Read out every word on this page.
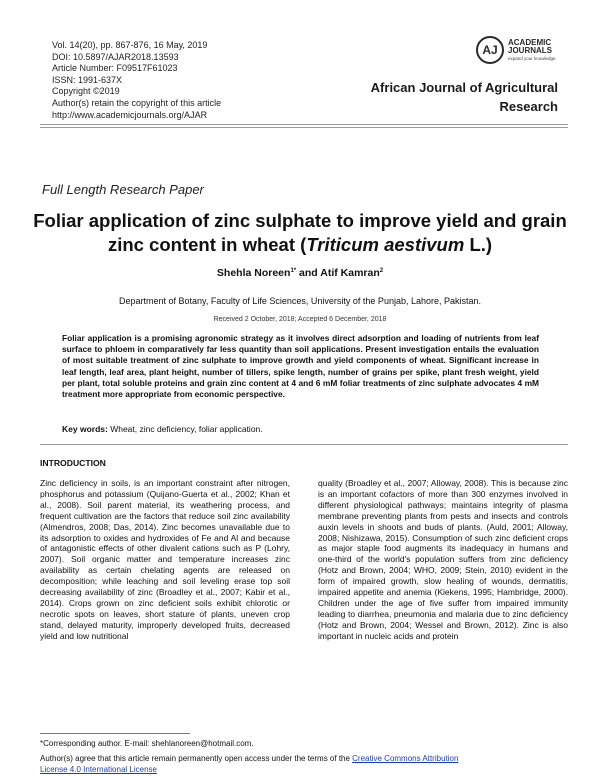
Vol. 14(20), pp. 867-876, 16 May, 2019
DOI: 10.5897/AJAR2018.13593
Article Number: F09517F61023
ISSN: 1991-637X
Copyright ©2019
Author(s) retain the copyright of this article
http://www.academicjournals.org/AJAR
AJ
ACADEMIC
JOURNALS
expand your knowledge
African Journal of Agricultural
Research
Full Length Research Paper
Foliar application of zinc sulphate to improve yield and grain zinc content in wheat (Triticum aestivum L.)
Shehla Noreen$^{1*}$ and Atif Kamran$^2$
Department of Botany, Faculty of Life Sciences, University of the Punjab, Lahore, Pakistan.
Received 2 October, 2018; Accepted 6 December, 2018
Foliar application is a promising agronomic strategy as it involves direct adsorption and loading of nutrients from leaf surface to phloem in comparatively far less quantity than soil applications. Present investigation entails the evaluation of most suitable treatment of zinc sulphate to improve growth and yield components of wheat. Significant increase in leaf length, leaf area, plant height, number of tillers, spike length, number of grains per spike, plant fresh weight, yield per plant, total soluble proteins and grain zinc content at 4 and 6 mM foliar treatments of zinc sulphate advocates 4 mM treatment more appropriate from economic perspective.
Key words: Wheat, zinc deficiency, foliar application.
INTRODUCTION
Zinc deficiency in soils, is an important constraint after nitrogen, phosphorus and potassium (Quijano-Guerta et al., 2002; Khan et al., 2008). Soil parent material, its weathering process, and frequent cultivation are the factors that reduce soil zinc availability (Almendros, 2008; Das, 2014). Zinc becomes unavailable due to its adsorption to oxides and hydroxides of Fe and Al and because of antagonistic effects of other divalent cations such as P (Lohry, 2007). Soil organic matter and temperature increases zinc availability as certain chelating agents are released on decomposition; while leaching and soil leveling erase top soil decreasing availability of zinc (Broadley et al., 2007; Kabir et al., 2014). Crops grown on zinc deficient soils exhibit chlorotic or necrotic spots on leaves, short stature of plants, uneven crop stand, delayed maturity, improperly developed fruits, decreased yield and low nutritional
quality (Broadley et al., 2007; Alloway, 2008). This is because zinc is an important cofactors of more than 300 enzymes involved in different physiological pathways; maintains integrity of plasma membrane preventing plants from pests and insects and controls auxin levels in shoots and buds of plants. (Auld, 2001; Alloway, 2008; Nishizawa, 2015). Consumption of such zinc deficient crops as major staple food augments its inadequacy in humans and one-third of the world's population suffers from zinc deficiency (Hotz and Brown, 2004; WHO, 2009; Stein, 2010) evident in the form of impaired growth, slow healing of wounds, dermatitis, impaired appetite and anemia (Kiekens, 1995; Hambridge, 2000). Children under the age of five suffer from impaired immunity leading to diarrhea, pneumonia and malaria due to zinc deficiency (Hotz and Brown, 2004; Wessel and Brown, 2012). Zinc is also important in nucleic acids and protein
*Corresponding author. E-mail: shehlanoreen@hotmail.com.
Author(s) agree that this article remain permanently open access under the terms of the Creative Commons Attribution
License 4.0 International License
